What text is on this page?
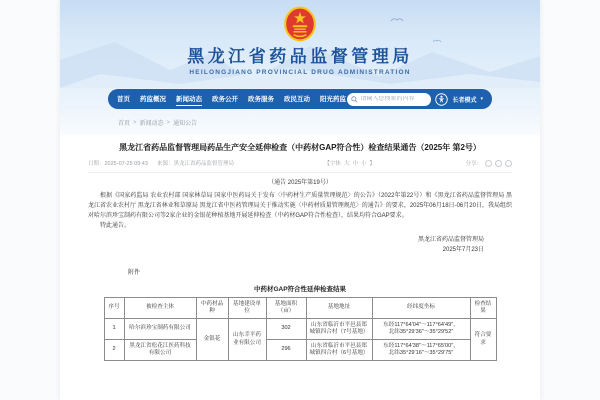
黑龙江省药品监督管理局
HEILONGJIANG PROVINCIAL DRUG ADMINISTRATION
首页 药监概况 新闻动态 政务公开 政务服务 政民互动 阳光药监
请输入您搜索的内容	长者模式 ▾
首页 > 新闻动态 > 通知公告
黑龙江省药品监督管理局药品生产安全延伸检查（中药材GAP符合性）检查结果通告（2025年 第2号）
日期：2025-07-25 09:43 来源：黑龙江省药品监督管理局	【字体 大 中 小 】	分享：
（通告 2025年第19号）
根据《国家药监局 农业农村部 国家林草局 国家中医药局关于发布〈中药材生产质量管理规范〉的公告》（2022年第22号）和《黑龙江省药品监督管理局 黑龙江省农业农村厅 黑龙江省林业和草原局 黑龙江省中医药管理局关于推动实施〈中药材质量管理规范〉的通告》的要求，2025年06月18日-06月20日，我局组织对哈尔滨珍宝制药有限公司等2家企业的金银花种植基地开展延伸检查（中药材GAP符合性检查），结果均符合GAP要求。
特此通告。
黑龙江省药品监督管理局
2025年7月23日
附件
中药材GAP符合性延伸检查结果
序号	被检查主体	中药材品种	基地建设单位	基地面积（亩）	基地地址	经纬度坐标	检查结果
1	哈尔滨珍宝制药有限公司	金银花	山东幸平药业有限公司	302	山东省临沂市平邑县郑城镇四合村（7号基地）	东经117°64′04″～117°64′49″，
北纬35°29′36″～35°29′52″	符合要求
2	黑龙江省松花江医药科技有限公司			296	山东省临沂市平邑县郑城镇四合村（6号基地）	东经117°64′38″～117°65′00″，
北纬35°29′16″～35°29′75″	
